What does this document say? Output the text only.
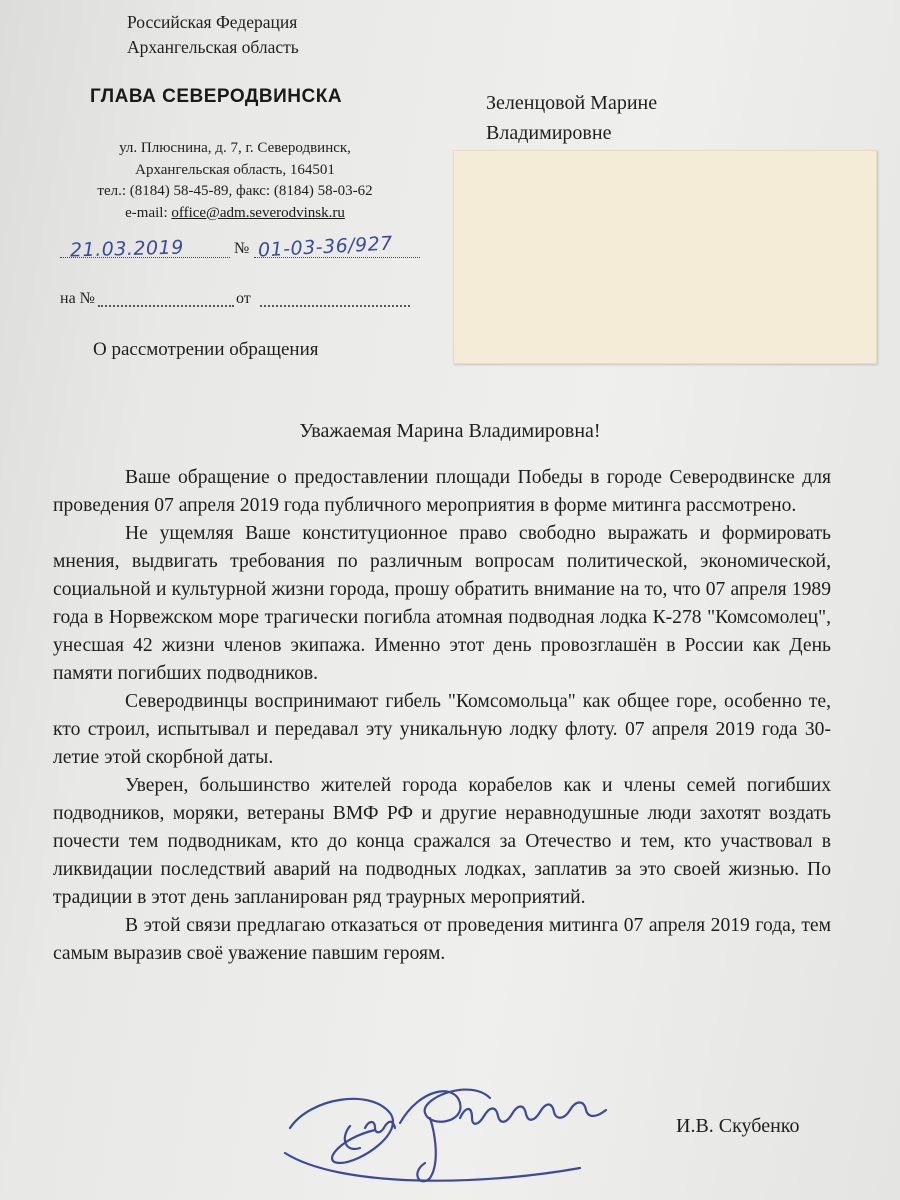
Российская Федерация
Архангельская область
ГЛАВА СЕВЕРОДВИНСКА
ул. Плюснина, д. 7, г. Северодвинск,
Архангельская область, 164501
тел.: (8184) 58-45-89, факс: (8184) 58-03-62
e-mail: office@adm.severodvinsk.ru
21.03.2019	№ 01-03-36/927
на №	от
О рассмотрении обращения
Зеленцовой Марине
Владимировне
Уважаемая Марина Владимировна!

Ваше обращение о предоставлении площади Победы в городе Северодвинске для проведения 07 апреля 2019 года публичного мероприятия в форме митинга рассмотрено.

Не ущемляя Ваше конституционное право свободно выражать и формировать мнения, выдвигать требования по различным вопросам политической, экономической, социальной и культурной жизни города, прошу обратить внимание на то, что 07 апреля 1989 года в Норвежском море трагически погибла атомная подводная лодка К-278 "Комсомолец", унесшая 42 жизни членов экипажа. Именно этот день провозглашён в России как День памяти погибших подводников.

Северодвинцы воспринимают гибель "Комсомольца" как общее горе, особенно те, кто строил, испытывал и передавал эту уникальную лодку флоту. 07 апреля 2019 года 30-летие этой скорбной даты.

Уверен, большинство жителей города корабелов как и члены семей погибших подводников, моряки, ветераны ВМФ РФ и другие неравнодушные люди захотят воздать почести тем подводникам, кто до конца сражался за Отечество и тем, кто участвовал в ликвидации последствий аварий на подводных лодках, заплатив за это своей жизнью. По традиции в этот день запланирован ряд траурных мероприятий.

В этой связи предлагаю отказаться от проведения митинга 07 апреля 2019 года, тем самым выразив своё уважение павшим героям.

И.В. Скубенко
